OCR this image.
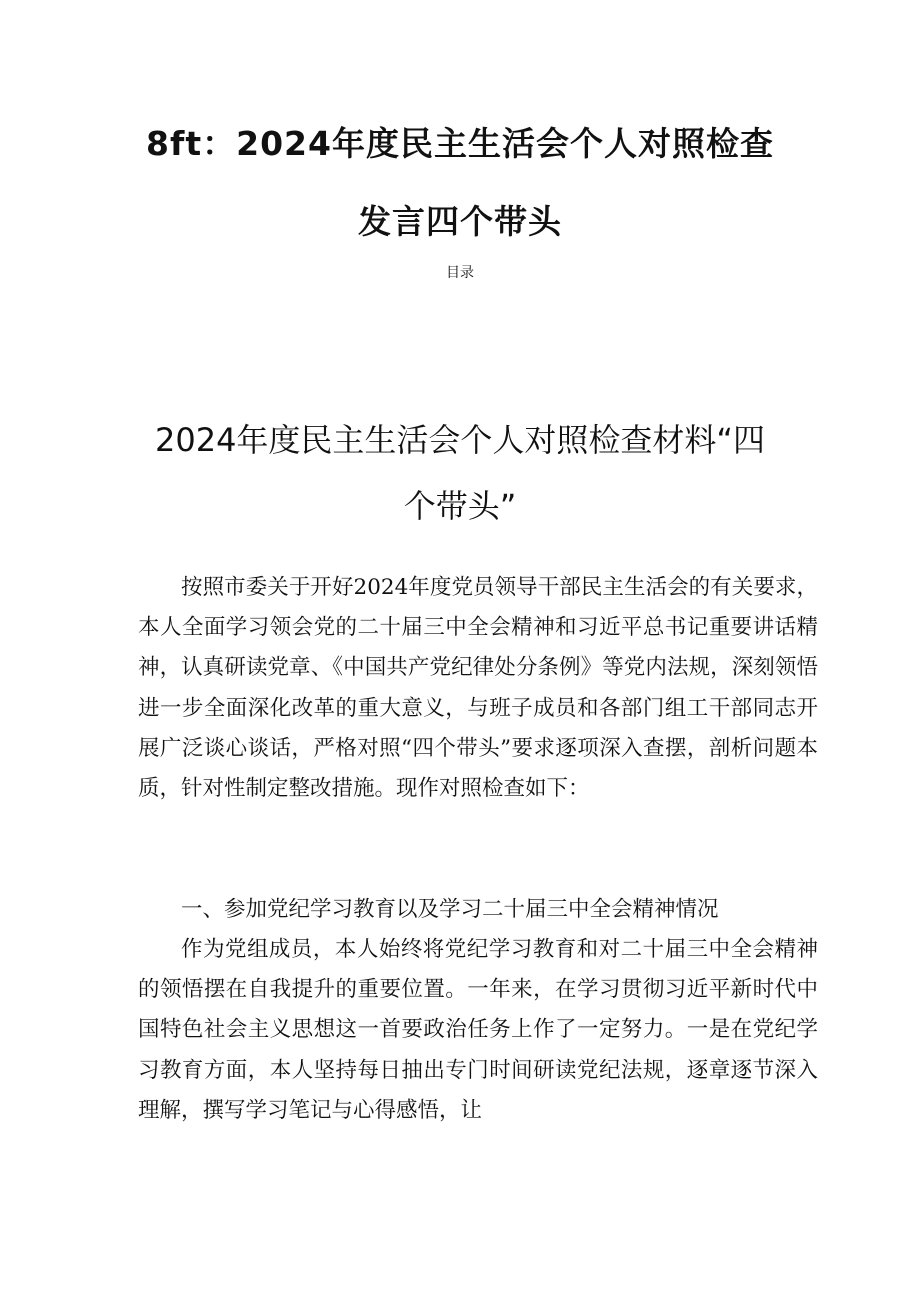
8ft：2024年度民主生活会个人对照检查
发言四个带头
目录
2024年度民主生活会个人对照检查材料“四
个带头”

按照市委关于开好2024年度党员领导干部民主生活会的有关要求，本人全面学习领会党的二十届三中全会精神和习近平总书记重要讲话精神，认真研读党章、《中国共产党纪律处分条例》等党内法规，深刻领悟进一步全面深化改革的重大意义，与班子成员和各部门组工干部同志开展广泛谈心谈话，严格对照“四个带头”要求逐项深入查摆，剖析问题本质，针对性制定整改措施。现作对照检查如下：

一、参加党纪学习教育以及学习二十届三中全会精神情况

作为党组成员，本人始终将党纪学习教育和对二十届三中全会精神的领悟摆在自我提升的重要位置。一年来，在学习贯彻习近平新时代中国特色社会主义思想这一首要政治任务上作了一定努力。一是在党纪学习教育方面，本人坚持每日抽出专门时间研读党纪法规，逐章逐节深入理解，撰写学习笔记与心得感悟，让
